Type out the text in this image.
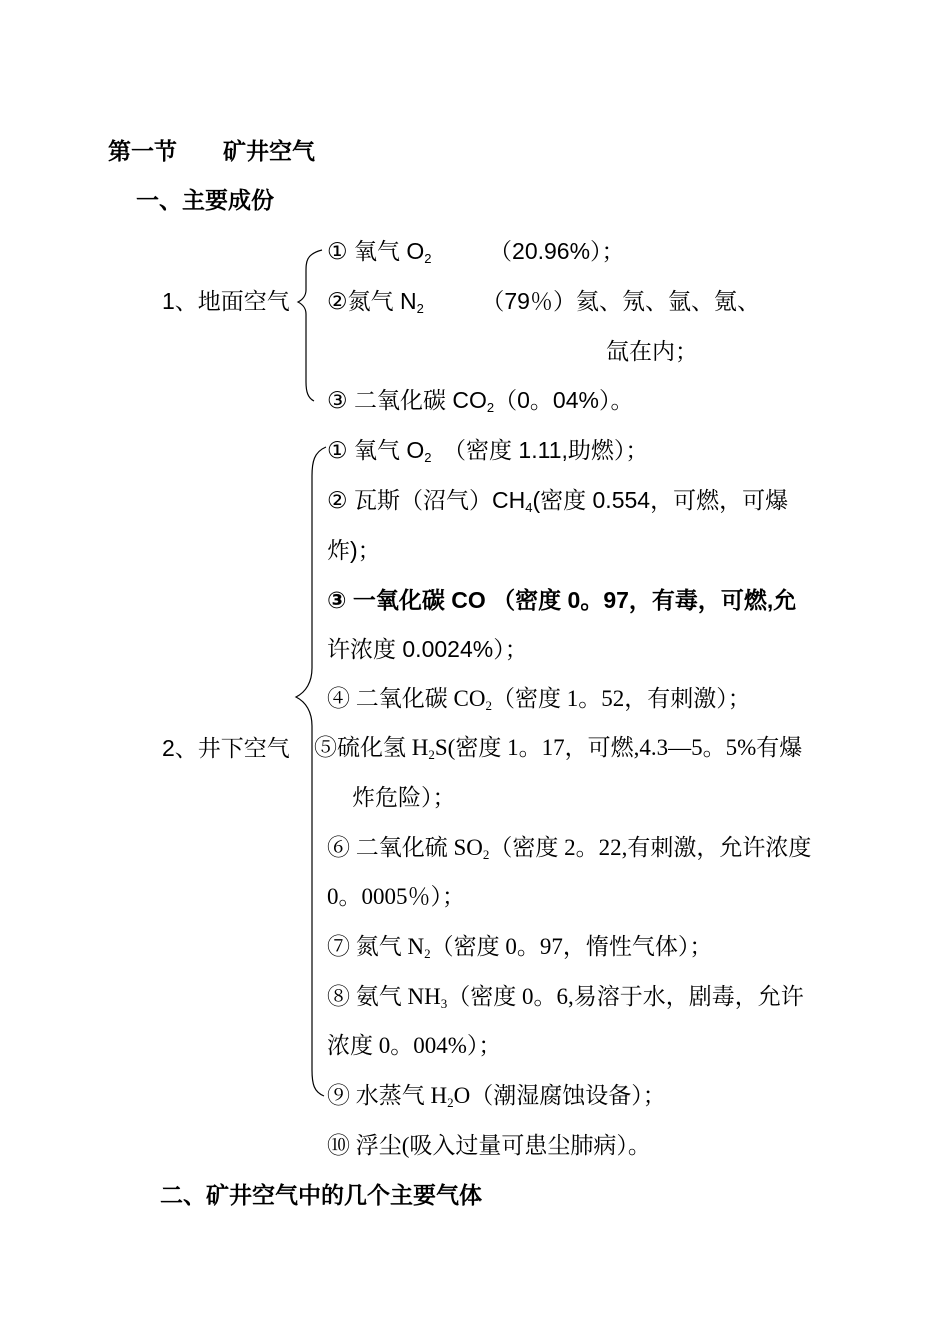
第一节　　矿井空气
一、主要成份
1、地面空气
① 氧气 $O_2$　　　（20.96%）；
②氮气 $N_2$　　　（79％）氦、氖、氩、氪、
氙在内；
③ 二氧化碳 $CO_2(0$。04%）。
2、井下空气
① 氧气 $O_2$　（密度 1.11,助燃）；
② 瓦斯（沼气）$CH_4$(密度 0.554，可燃，可爆
炸)；
③ 一氧化碳 CO （密度 0。97，有毒，可燃,允
许浓度 0.0024%）；
④ 二氧化碳 $CO_2$（密度 1。52，有刺激）；
⑤硫化氢 $H_2S$(密度 1。17，可燃,4.3—5。5%有爆
炸危险）；
⑥ 二氧化硫 $SO_2$（密度 2。22,有刺激，允许浓度
0。0005％）；
⑦ 氮气 $N_2$（密度 0。97，惰性气体）；
⑧ 氨气 $NH_3$（密度 0。6,易溶于水，剧毒，允许
浓度 0。004%）；
⑨ 水蒸气 $H_2O$（潮湿腐蚀设备）；
⑩ 浮尘(吸入过量可患尘肺病）。
二、矿井空气中的几个主要气体
